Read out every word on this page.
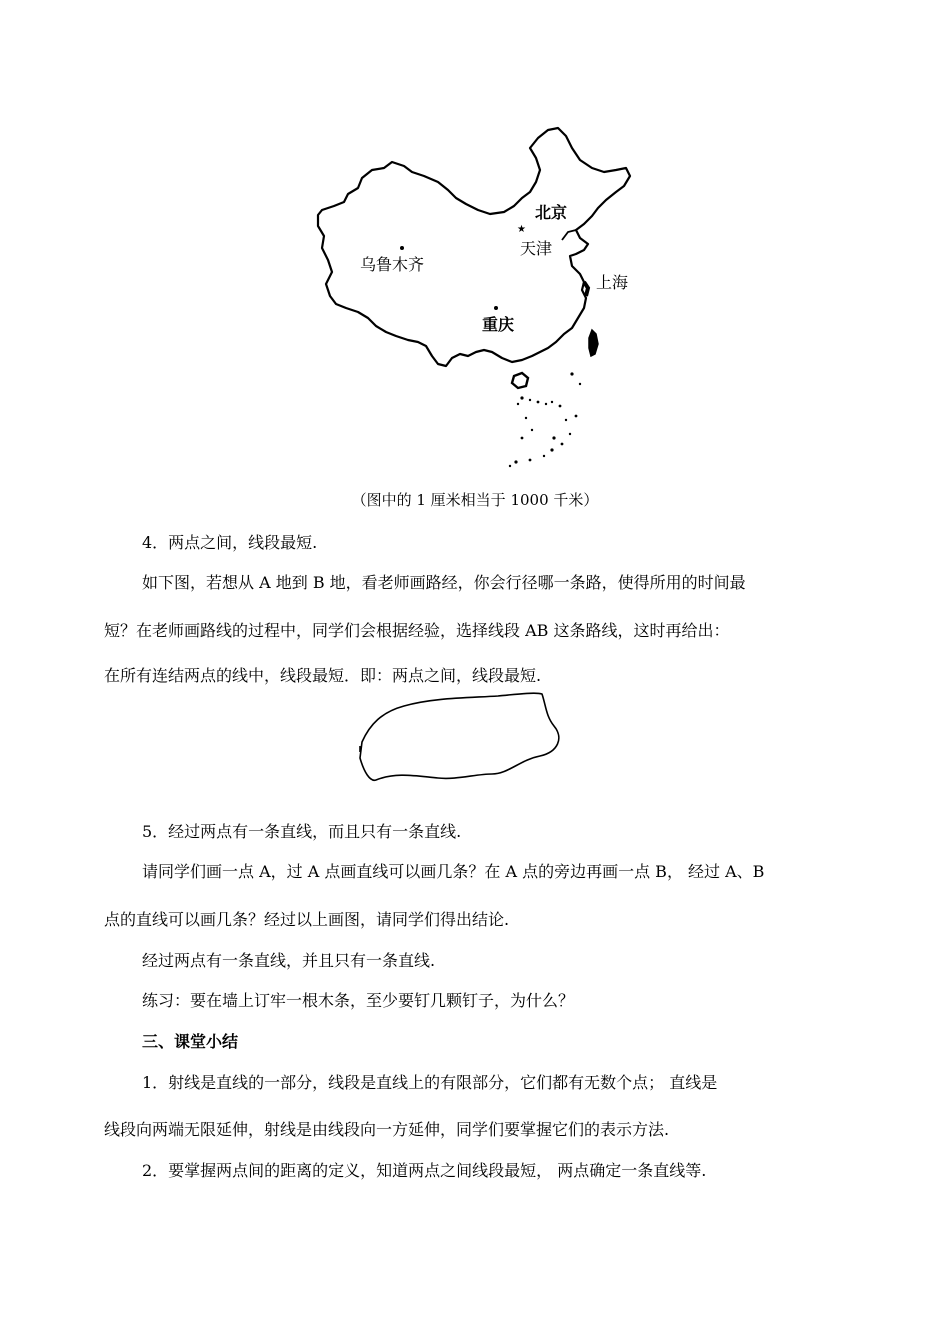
★
北京
天津
乌鲁木齐
上海
重庆
（图中的 1 厘米相当于 1000 千米）
4．两点之间，线段最短.
如下图，若想从 A 地到 B 地，看老师画路经，你会行径哪一条路，使得所用的时间最
短？在老师画路线的过程中，同学们会根据经验，选择线段 AB 这条路线，这时再给出：
在所有连结两点的线中，线段最短．即：两点之间，线段最短.
5．经过两点有一条直线，而且只有一条直线.
请同学们画一点 A，过 A 点画直线可以画几条？在 A 点的旁边再画一点 B， 经过 A、B
点的直线可以画几条？经过以上画图，请同学们得出结论.
经过两点有一条直线，并且只有一条直线.
练习：要在墙上订牢一根木条，至少要钉几颗钉子，为什么？
三、课堂小结
1．射线是直线的一部分，线段是直线上的有限部分，它们都有无数个点； 直线是
线段向两端无限延伸，射线是由线段向一方延伸，同学们要掌握它们的表示方法.
2．要掌握两点间的距离的定义，知道两点之间线段最短， 两点确定一条直线等.
